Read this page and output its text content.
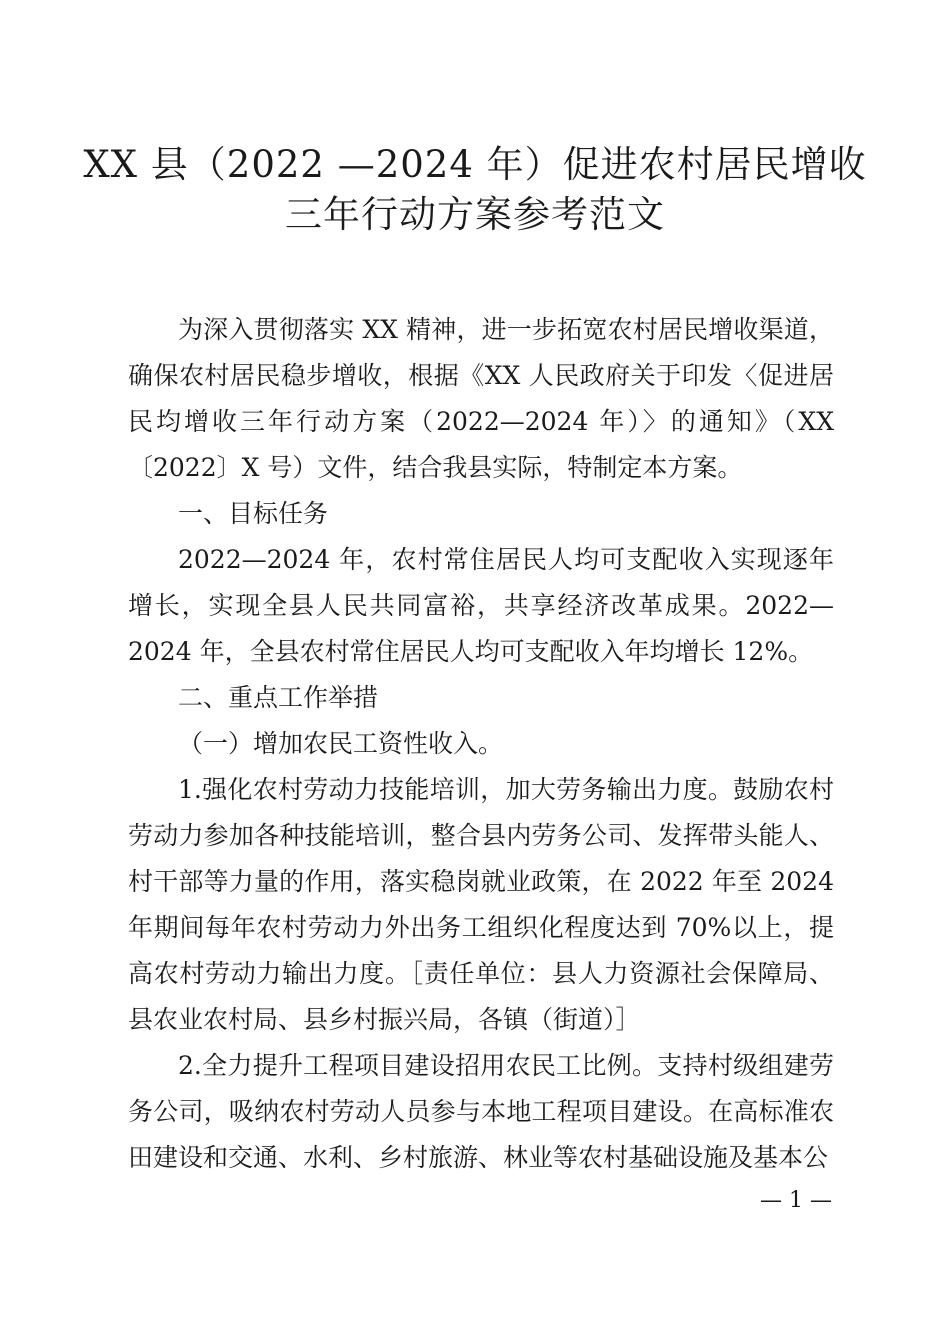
XX 县（2022 —2024 年）促进农村居民增收
三年行动方案参考范文

为深入贯彻落实 XX 精神，进一步拓宽农村居民增收渠道，确保农村居民稳步增收，根据《XX 人民政府关于印发〈促进居民均增收三年行动方案（2022—2024 年）〉的通知》（XX〔2022〕X 号）文件，结合我县实际，特制定本方案。

一、目标任务

2022—2024 年，农村常住居民人均可支配收入实现逐年增长，实现全县人民共同富裕，共享经济改革成果。2022—2024 年，全县农村常住居民人均可支配收入年均增长 12%。

二、重点工作举措

（一）增加农民工资性收入。

1.强化农村劳动力技能培训，加大劳务输出力度。鼓励农村劳动力参加各种技能培训，整合县内劳务公司、发挥带头能人、村干部等力量的作用，落实稳岗就业政策，在 2022 年至 2024 年期间每年农村劳动力外出务工组织化程度达到 70%以上，提高农村劳动力输出力度。［责任单位：县人力资源社会保障局、县农业农村局、县乡村振兴局，各镇（街道）］

2.全力提升工程项目建设招用农民工比例。支持村级组建劳务公司，吸纳农村劳动人员参与本地工程项目建设。在高标准农田建设和交通、水利、乡村旅游、林业等农村基础设施及基本公

— 1 —
